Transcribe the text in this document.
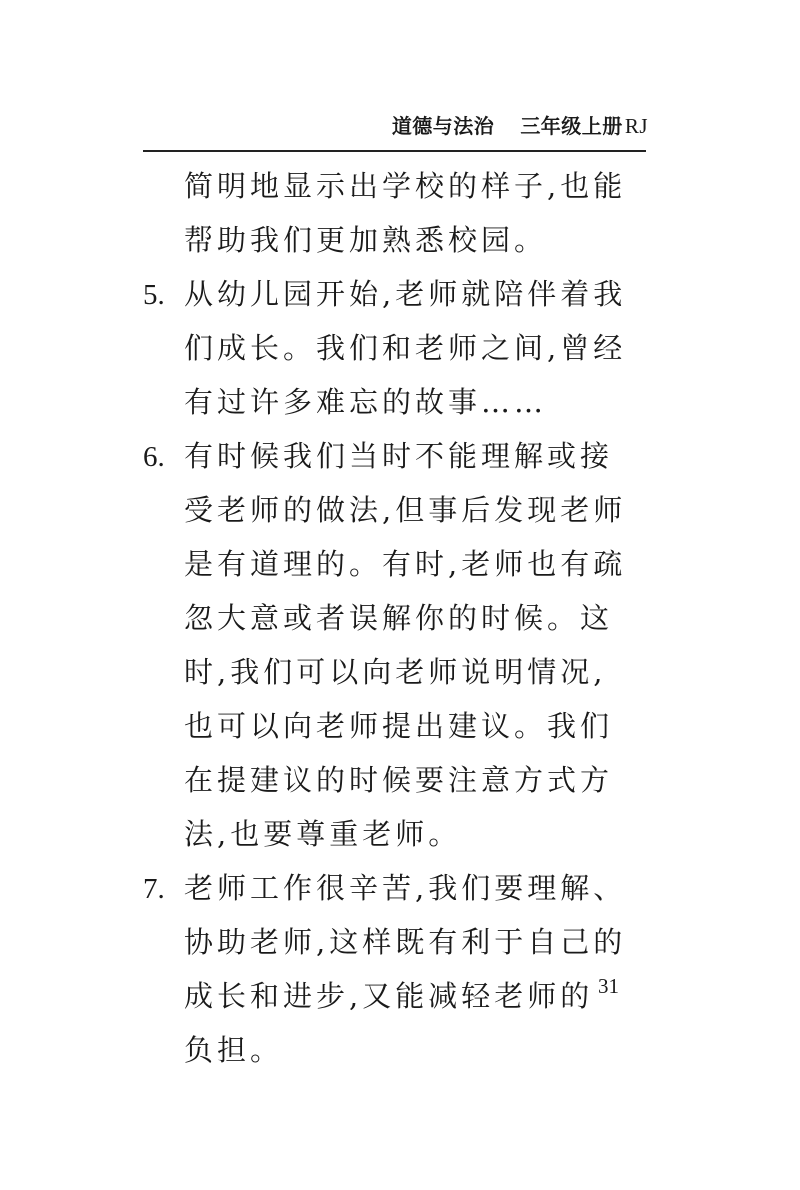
道德与法治 三年级上册RJ
简明地显示出学校的样子,也能
帮助我们更加熟悉校园。
5. 从幼儿园开始,老师就陪伴着我
们成长。我们和老师之间,曾经
有过许多难忘的故事……
6. 有时候我们当时不能理解或接
受老师的做法,但事后发现老师
是有道理的。有时,老师也有疏
忽大意或者误解你的时候。这
时,我们可以向老师说明情况,
也可以向老师提出建议。我们
在提建议的时候要注意方式方
法,也要尊重老师。
7. 老师工作很辛苦,我们要理解、
协助老师,这样既有利于自己的
成长和进步,又能减轻老师的
负担。
31
